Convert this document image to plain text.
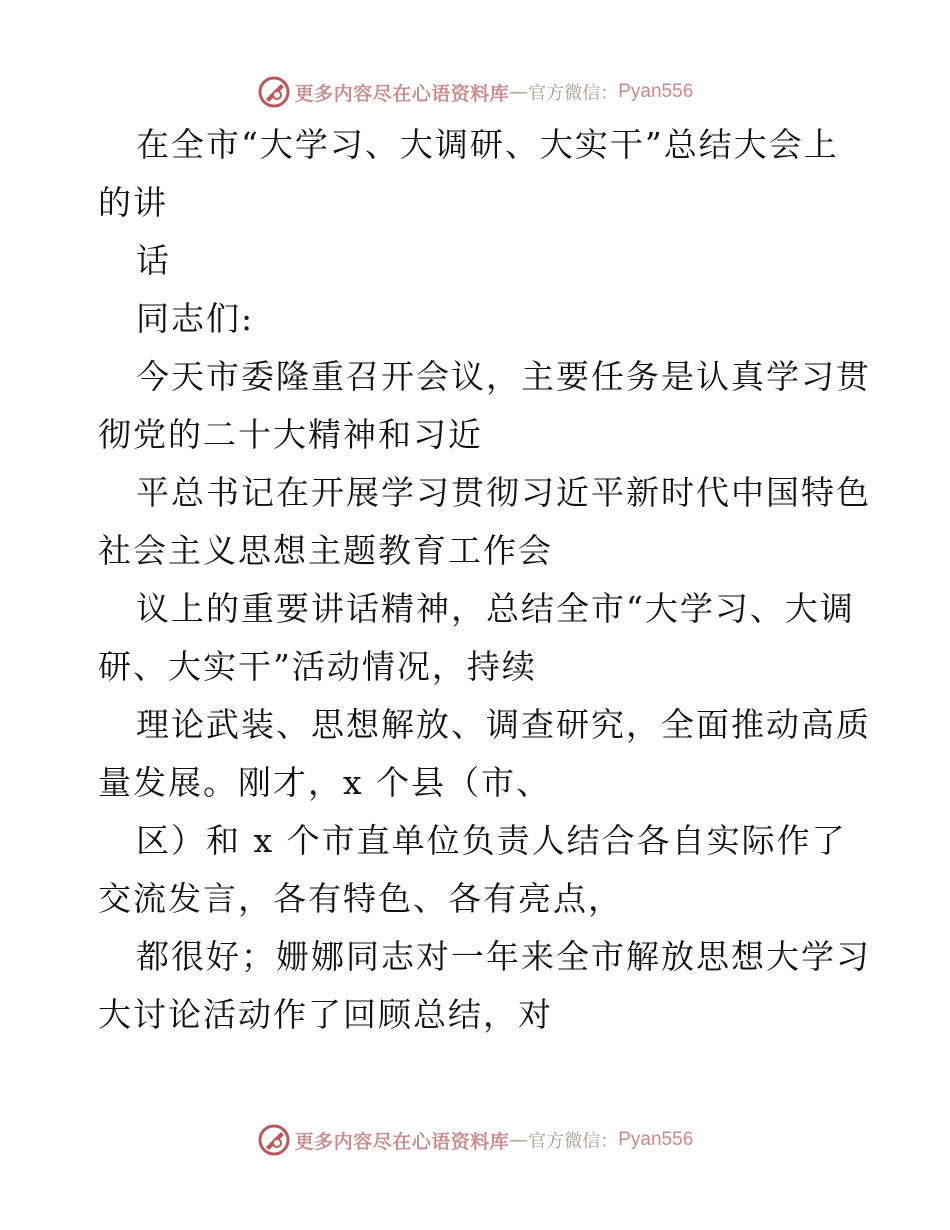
更多内容尽在心语资料库 — 官方微信： Pyan556
在全市“大学习、大调研、大实干”总结大会上
的讲
话
同志们:
今天市委隆重召开会议，主要任务是认真学习贯
彻党的二十大精神和习近
平总书记在开展学习贯彻习近平新时代中国特色
社会主义思想主题教育工作会
议上的重要讲话精神，总结全市“大学习、大调
研、大实干”活动情况，持续
理论武装、思想解放、调查研究，全面推动高质
量发展。刚才，x 个县（市、
区）和 x 个市直单位负责人结合各自实际作了
交流发言，各有特色、各有亮点，
都很好；姗娜同志对一年来全市解放思想大学习
大讨论活动作了回顾总结，对
更多内容尽在心语资料库 — 官方微信： Pyan556
